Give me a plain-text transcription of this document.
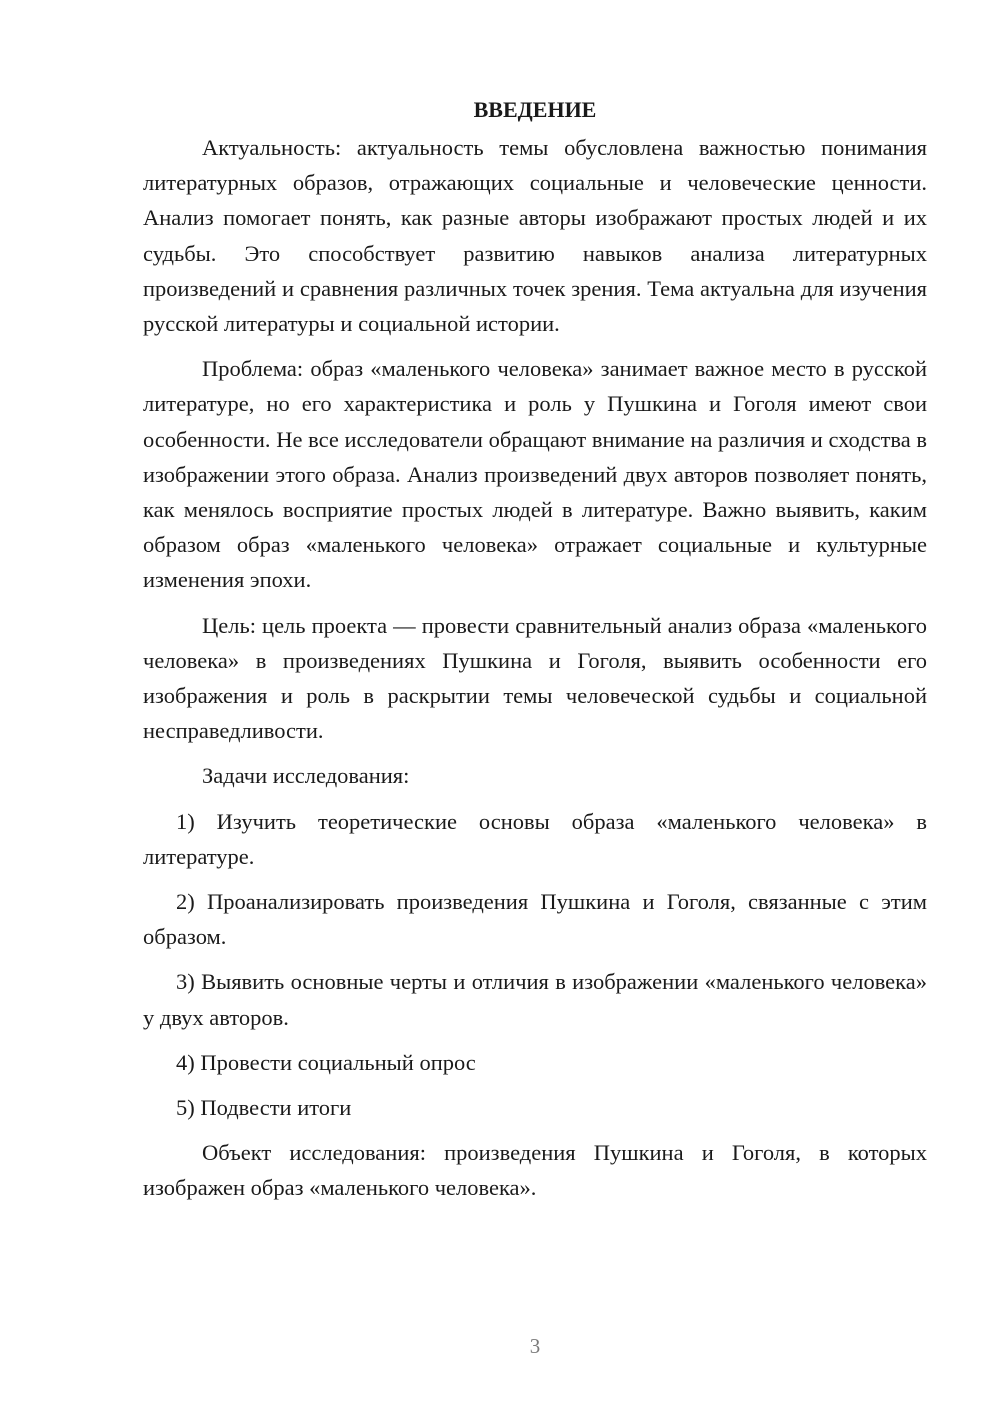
ВВЕДЕНИЕ

Актуальность: актуальность темы обусловлена важностью понимания литературных образов, отражающих социальные и человеческие ценности. Анализ помогает понять, как разные авторы изображают простых людей и их судьбы. Это способствует развитию навыков анализа литературных произведений и сравнения различных точек зрения. Тема актуальна для изучения русской литературы и социальной истории.

Проблема: образ «маленького человека» занимает важное место в русской литературе, но его характеристика и роль у Пушкина и Гоголя имеют свои особенности. Не все исследователи обращают внимание на различия и сходства в изображении этого образа. Анализ произведений двух авторов позволяет понять, как менялось восприятие простых людей в литературе. Важно выявить, каким образом образ «маленького человека» отражает социальные и культурные изменения эпохи.

Цель: цель проекта — провести сравнительный анализ образа «маленького человека» в произведениях Пушкина и Гоголя, выявить особенности его изображения и роль в раскрытии темы человеческой судьбы и социальной несправедливости.

Задачи исследования:

1) Изучить теоретические основы образа «маленького человека» в литературе.

2) Проанализировать произведения Пушкина и Гоголя, связанные с этим образом.

3) Выявить основные черты и отличия в изображении «маленького человека» у двух авторов.

4) Провести социальный опрос

5) Подвести итоги

Объект исследования: произведения Пушкина и Гоголя, в которых изображен образ «маленького человека».

3
